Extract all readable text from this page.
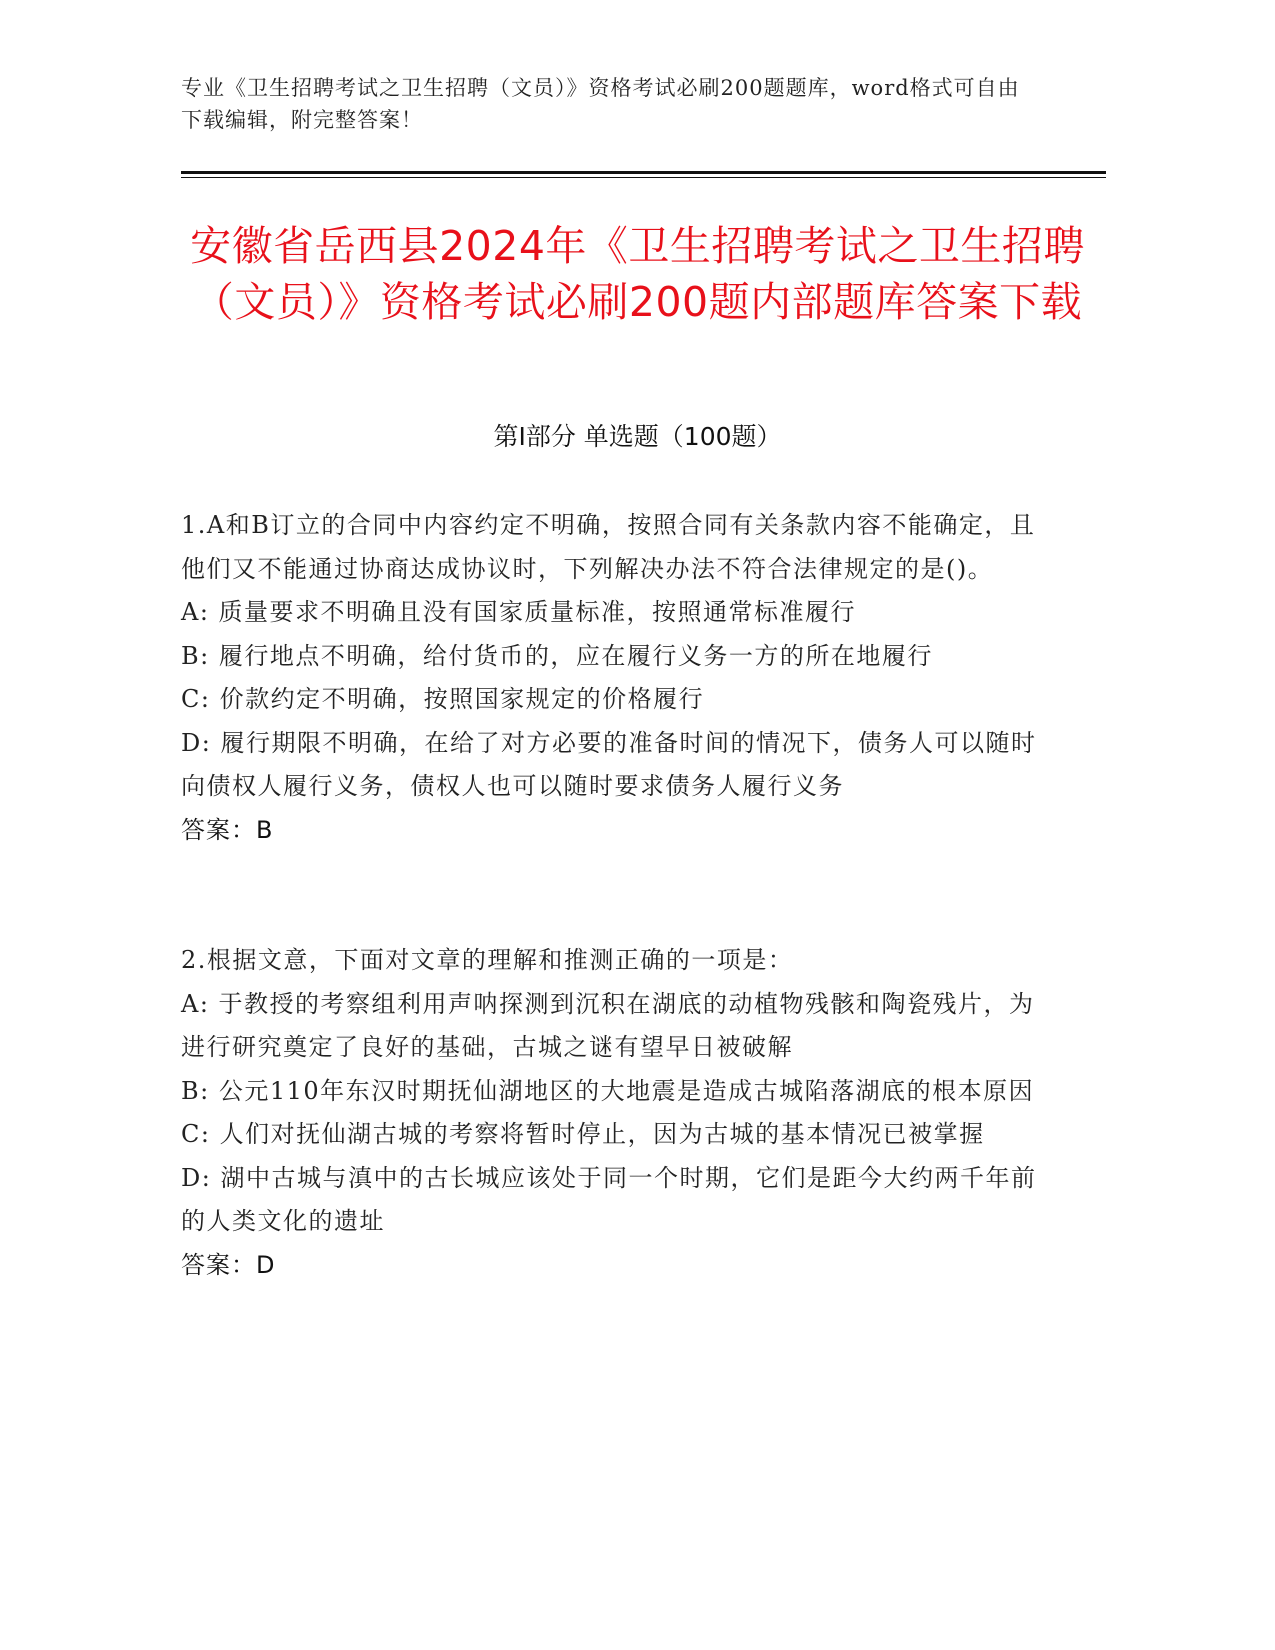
专业《卫生招聘考试之卫生招聘（文员）》资格考试必刷200题题库，word格式可自由下载编辑，附完整答案！
安徽省岳西县2024年《卫生招聘考试之卫生招聘（文员）》资格考试必刷200题内部题库答案下载
第Ⅰ部分 单选题（100题）
1.A和B订立的合同中内容约定不明确，按照合同有关条款内容不能确定，且他们又不能通过协商达成协议时，下列解决办法不符合法律规定的是()。
A: 质量要求不明确且没有国家质量标准，按照通常标准履行
B: 履行地点不明确，给付货币的，应在履行义务一方的所在地履行
C: 价款约定不明确，按照国家规定的价格履行
D: 履行期限不明确，在给了对方必要的准备时间的情况下，债务人可以随时向债权人履行义务，债权人也可以随时要求债务人履行义务
答案：B
2.根据文意，下面对文章的理解和推测正确的一项是：
A: 于教授的考察组利用声呐探测到沉积在湖底的动植物残骸和陶瓷残片，为进行研究奠定了良好的基础，古城之谜有望早日被破解
B: 公元110年东汉时期抚仙湖地区的大地震是造成古城陷落湖底的根本原因
C: 人们对抚仙湖古城的考察将暂时停止，因为古城的基本情况已被掌握
D: 湖中古城与滇中的古长城应该处于同一个时期，它们是距今大约两千年前的人类文化的遗址
答案：D
